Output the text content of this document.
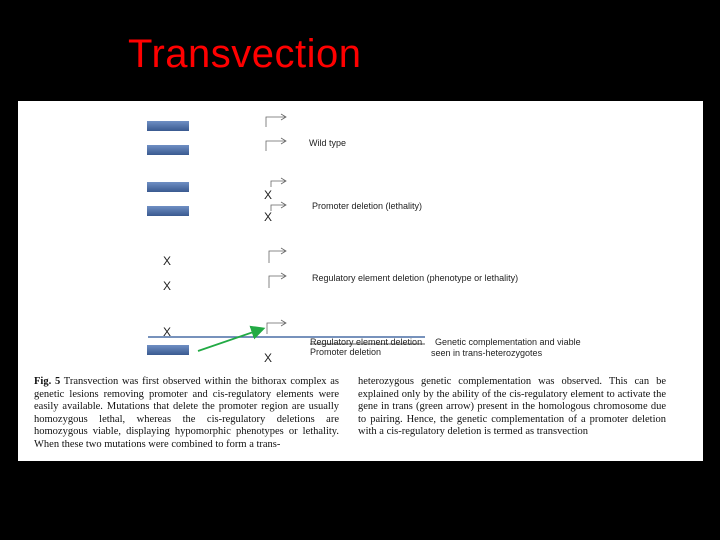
Transvection
Wild type
X
X
Promoter deletion (lethality)
X
X
Regulatory element deletion (phenotype or lethality)
X
X
Regulatory element deletion
Promoter deletion
Genetic complementation and viable
seen in trans-heterozygotes
Fig. 5 Transvection was first observed within the bithorax complex as genetic lesions removing promoter and cis-regulatory elements were easily available. Mutations that delete the promoter region are usually homozygous lethal, whereas the cis-regulatory deletions are homozygous viable, displaying hypomorphic phenotypes or lethality. When these two mutations were combined to form a trans-
heterozygous genetic complementation was observed. This can be explained only by the ability of the cis-regulatory element to activate the gene in trans (green arrow) present in the homologous chromosome due to pairing. Hence, the genetic complementation of a promoter deletion with a cis-regulatory deletion is termed as transvection
